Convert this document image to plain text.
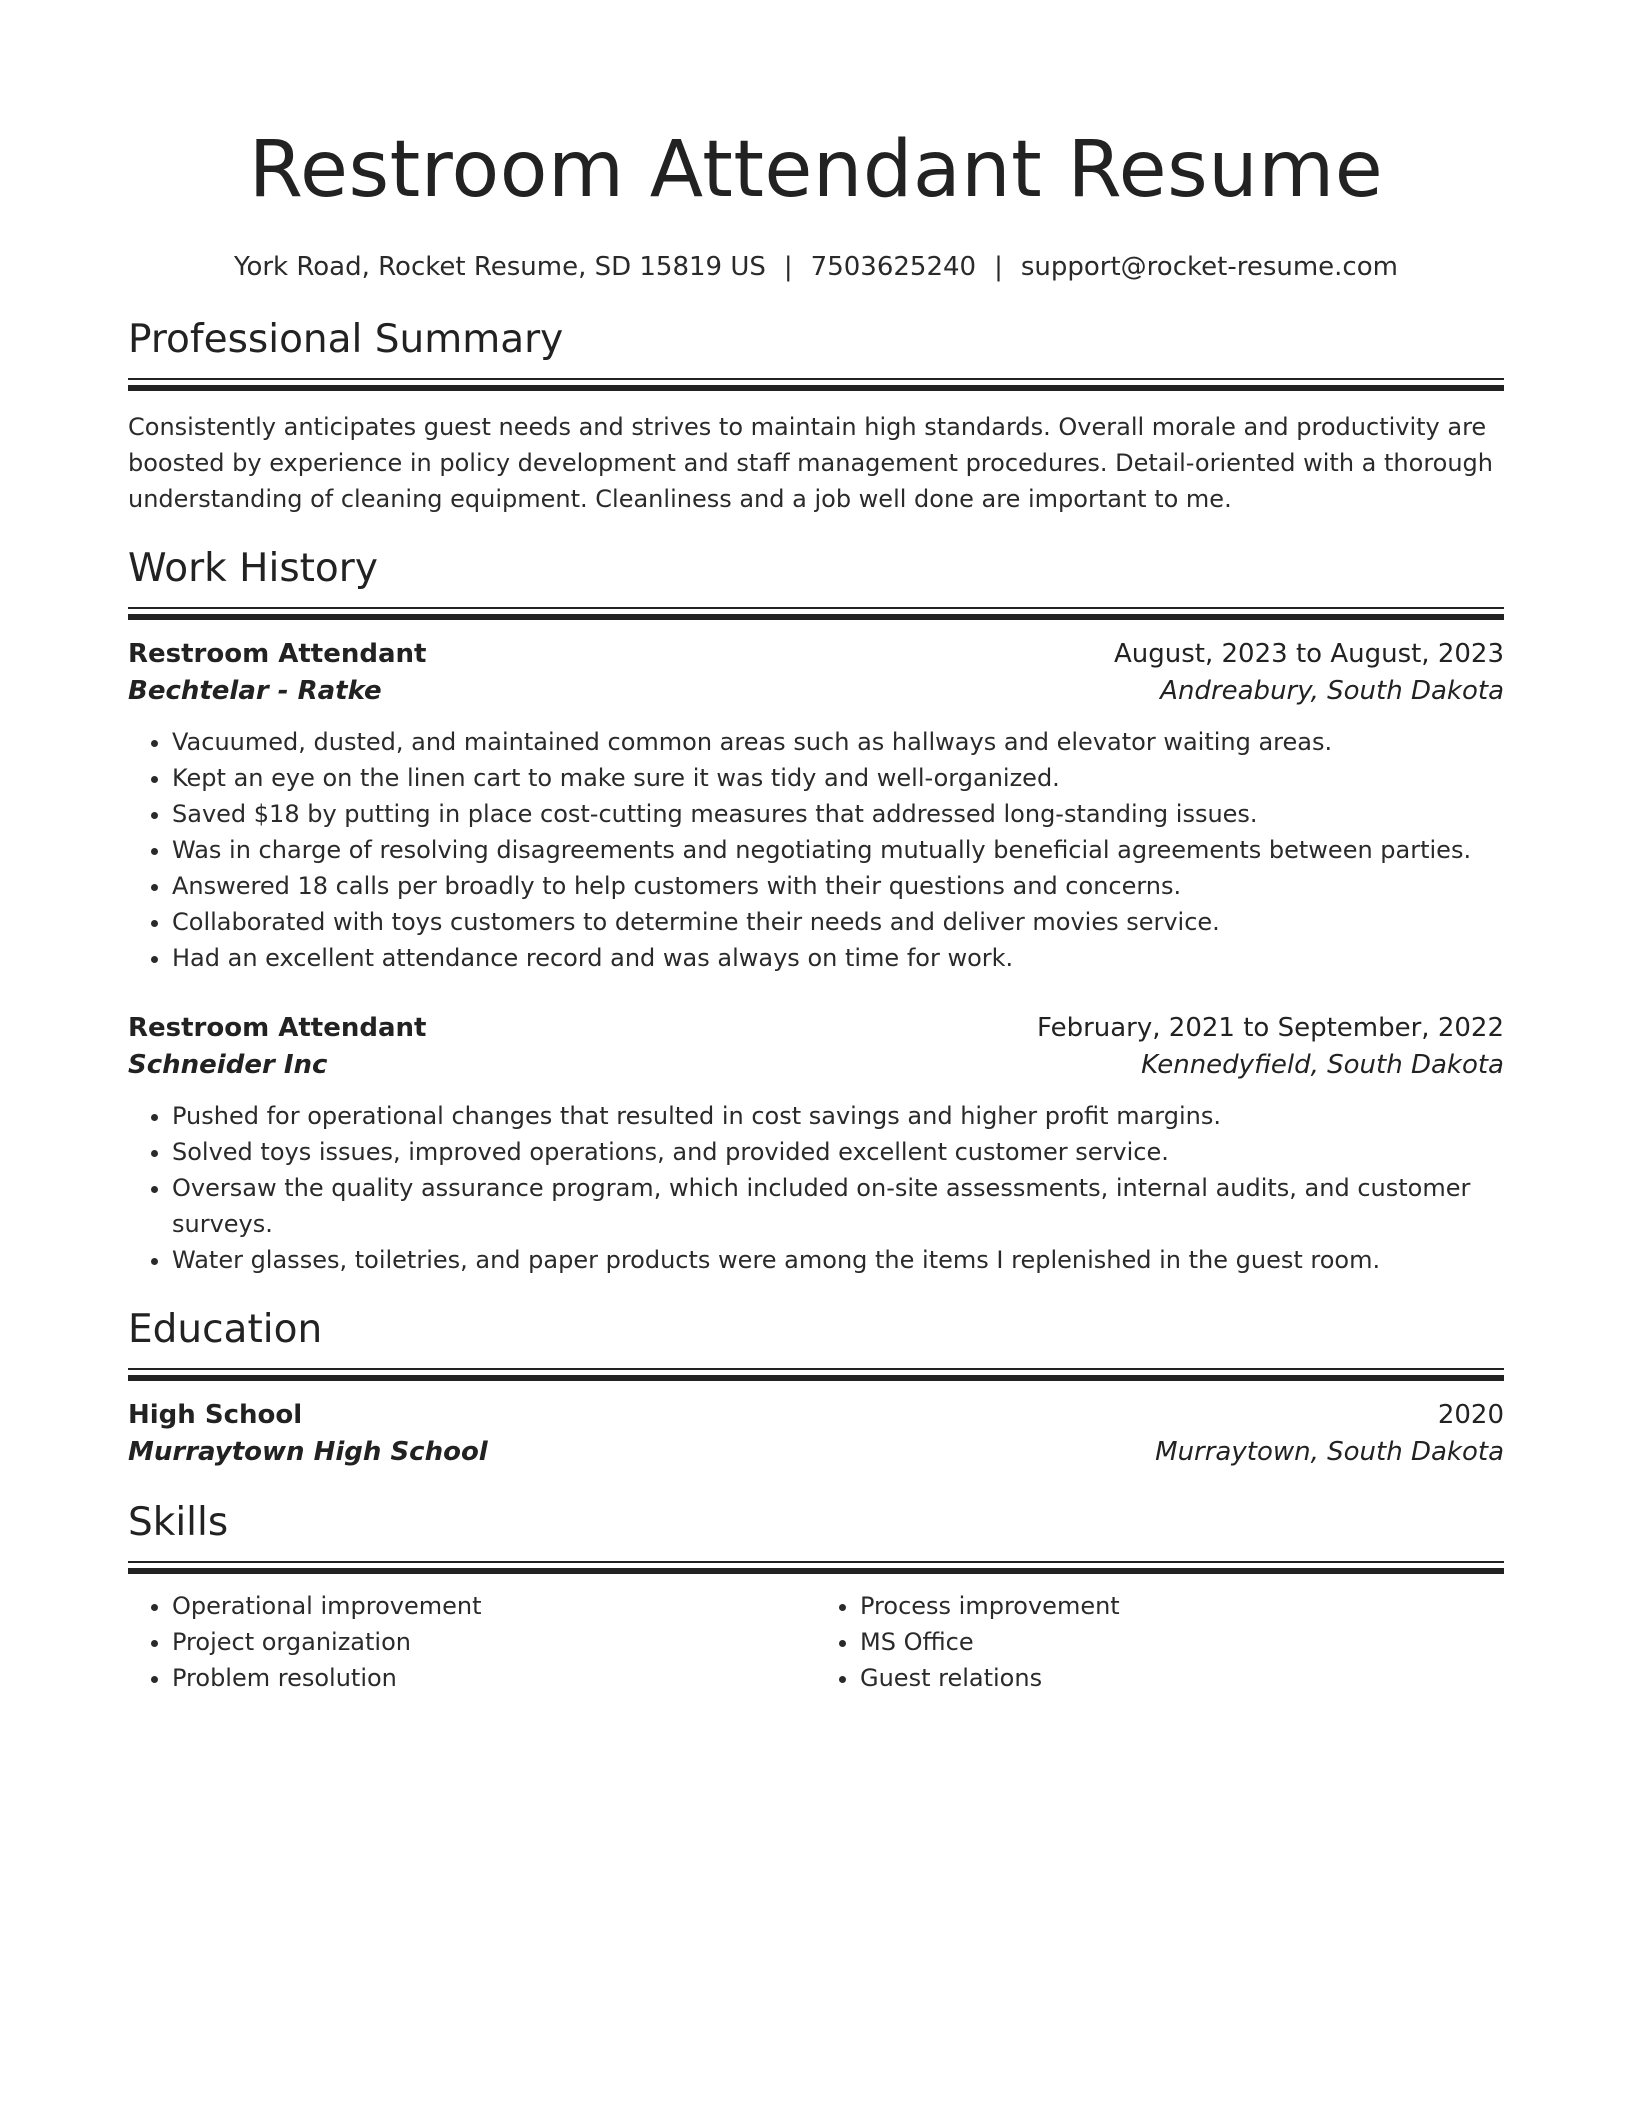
Restroom Attendant Resume
York Road, Rocket Resume, SD 15819 US | 7503625240 | support@rocket-resume.com
Professional Summary

Consistently anticipates guest needs and strives to maintain high standards. Overall morale and productivity are boosted by experience in policy development and staff management procedures. Detail-oriented with a thorough understanding of cleaning equipment. Cleanliness and a job well done are important to me.

Work History
Restroom Attendant	August, 2023 to August, 2023
Bechtelar - Ratke	Andreabury, South Dakota
• Vacuumed, dusted, and maintained common areas such as hallways and elevator waiting areas.
• Kept an eye on the linen cart to make sure it was tidy and well-organized.
• Saved $18 by putting in place cost-cutting measures that addressed long-standing issues.
• Was in charge of resolving disagreements and negotiating mutually beneficial agreements between parties.
• Answered 18 calls per broadly to help customers with their questions and concerns.
• Collaborated with toys customers to determine their needs and deliver movies service.
• Had an excellent attendance record and was always on time for work.
Restroom Attendant	February, 2021 to September, 2022
Schneider Inc	Kennedyfield, South Dakota
• Pushed for operational changes that resulted in cost savings and higher profit margins.
• Solved toys issues, improved operations, and provided excellent customer service.
• Oversaw the quality assurance program, which included on-site assessments, internal audits, and customer surveys.
• Water glasses, toiletries, and paper products were among the items I replenished in the guest room.
Education
High School	2020
Murraytown High School	Murraytown, South Dakota
Skills
• Operational improvement
• Project organization
• Problem resolution
• Process improvement
• MS Office
• Guest relations
